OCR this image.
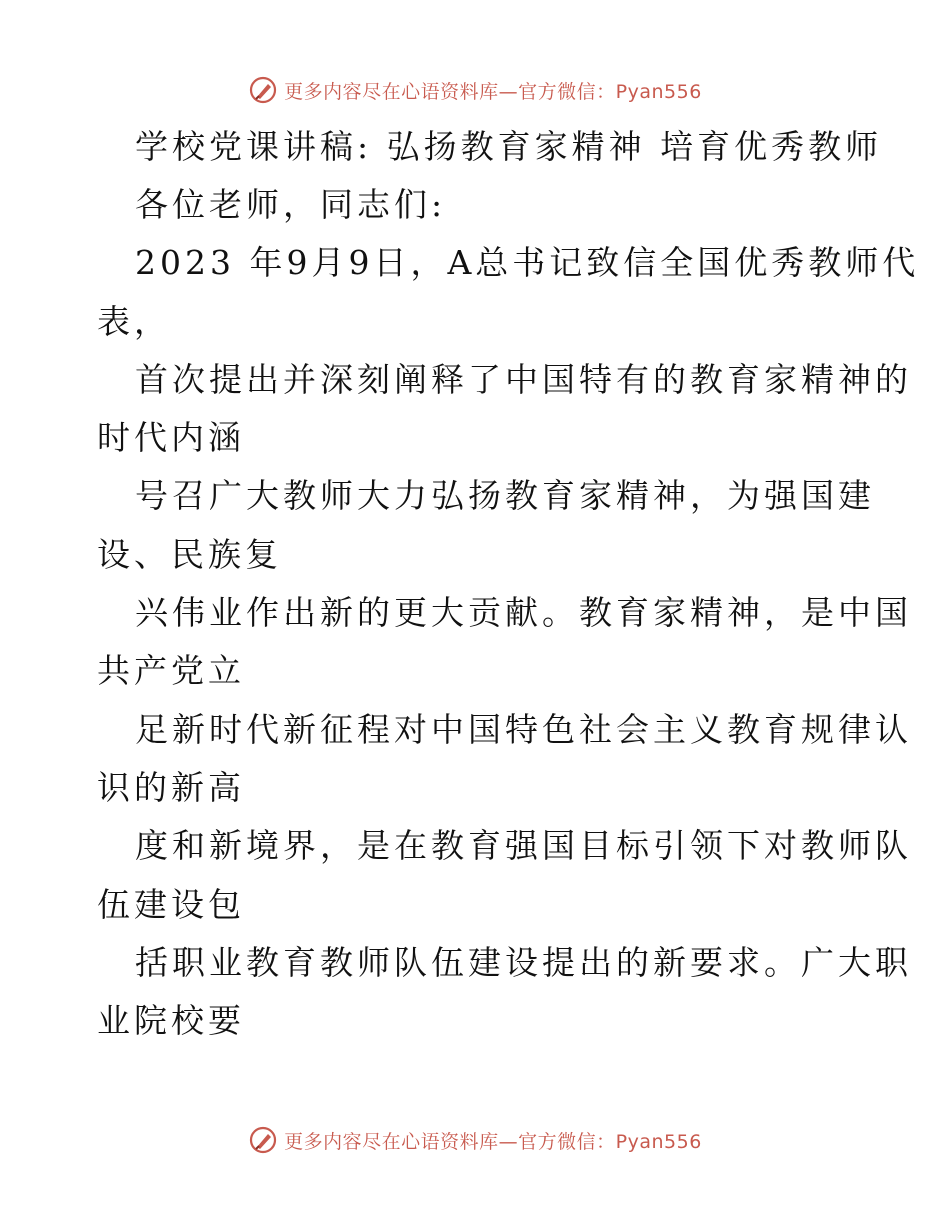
更多内容尽在心语资料库—官方微信：Pyan556
学校党课讲稿: 弘扬教育家精神 培育优秀教师
各位老师，同志们:
2023 年9月9日，A总书记致信全国优秀教师代
表，
首次提出并深刻阐释了中国特有的教育家精神的
时代内涵
号召广大教师大力弘扬教育家精神，为强国建
设、民族复
兴伟业作出新的更大贡献。教育家精神，是中国
共产党立
足新时代新征程对中国特色社会主义教育规律认
识的新高
度和新境界，是在教育强国目标引领下对教师队
伍建设包
括职业教育教师队伍建设提出的新要求。广大职
业院校要
更多内容尽在心语资料库—官方微信：Pyan556
